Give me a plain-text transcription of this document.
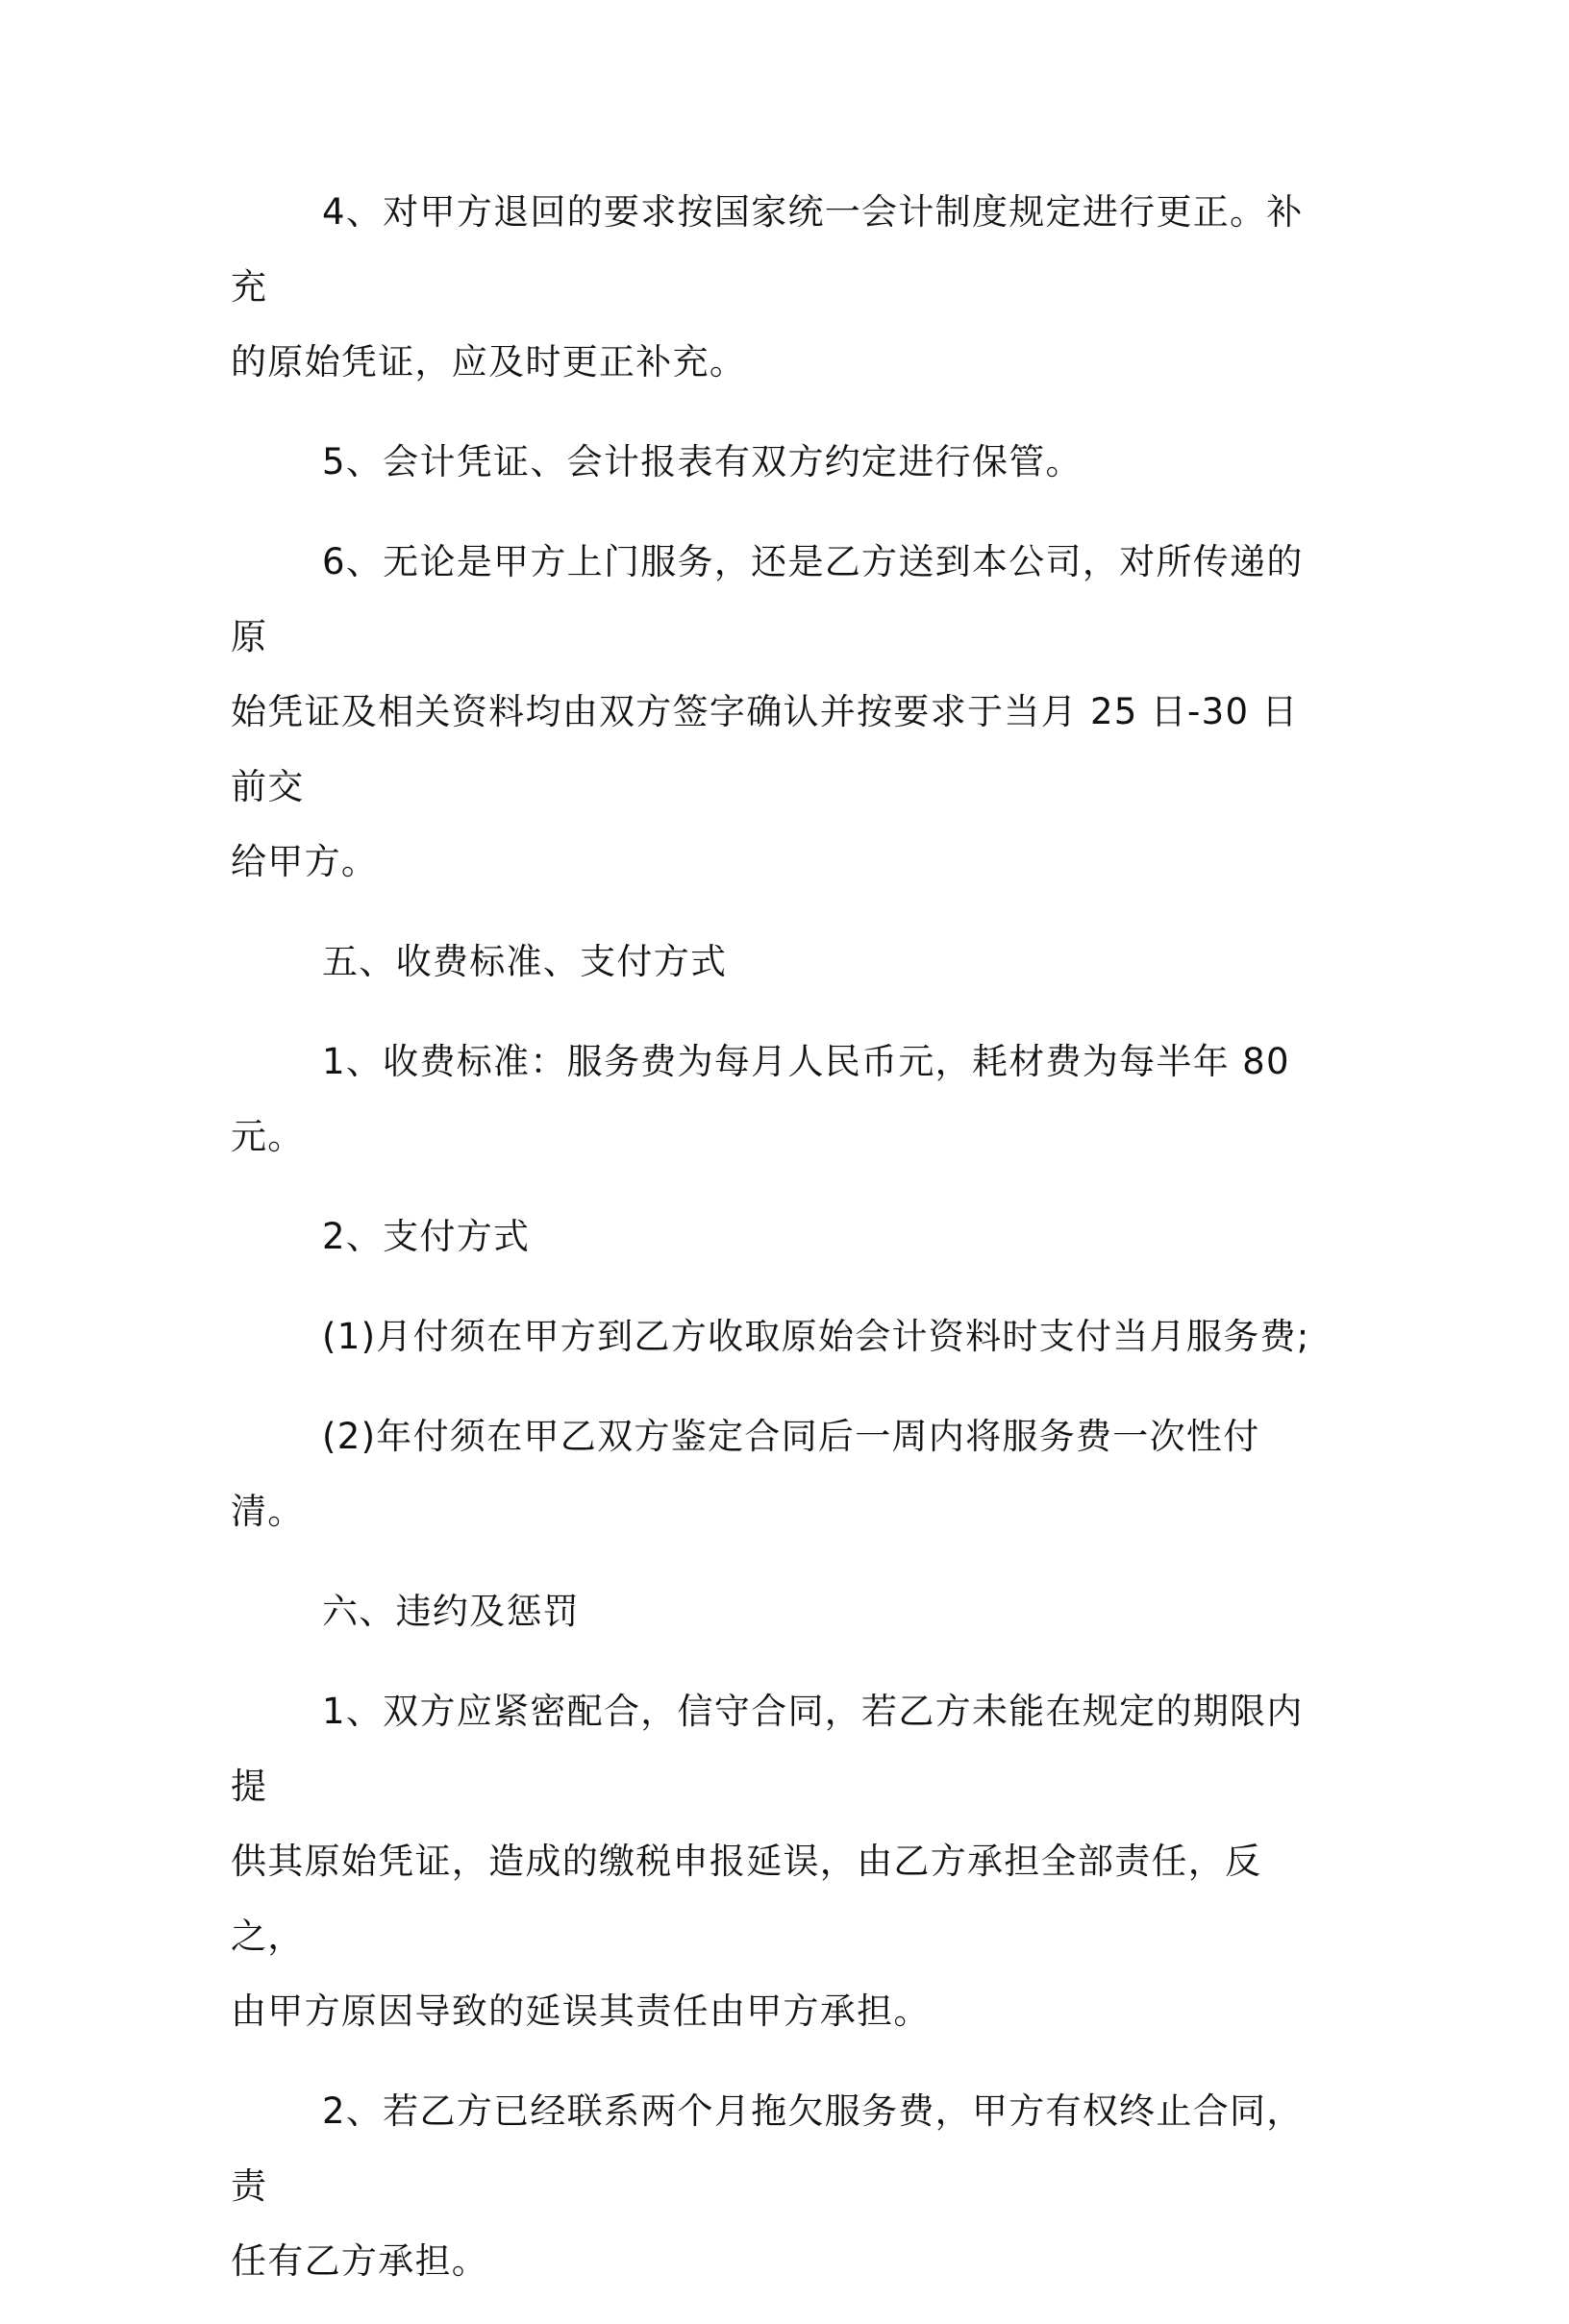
4、对甲方退回的要求按国家统一会计制度规定进行更正。补充
的原始凭证，应及时更正补充。

5、会计凭证、会计报表有双方约定进行保管。

6、无论是甲方上门服务，还是乙方送到本公司，对所传递的原
始凭证及相关资料均由双方签字确认并按要求于当月 25 日-30 日前交
给甲方。

五、收费标准、支付方式

1、收费标准：服务费为每月人民币元，耗材费为每半年 80 元。

2、支付方式

(1)月付须在甲方到乙方收取原始会计资料时支付当月服务费;

(2)年付须在甲乙双方鉴定合同后一周内将服务费一次性付清。

六、违约及惩罚

1、双方应紧密配合，信守合同，若乙方未能在规定的期限内提
供其原始凭证，造成的缴税申报延误，由乙方承担全部责任，反之，
由甲方原因导致的延误其责任由甲方承担。

2、若乙方已经联系两个月拖欠服务费，甲方有权终止合同，责
任有乙方承担。
